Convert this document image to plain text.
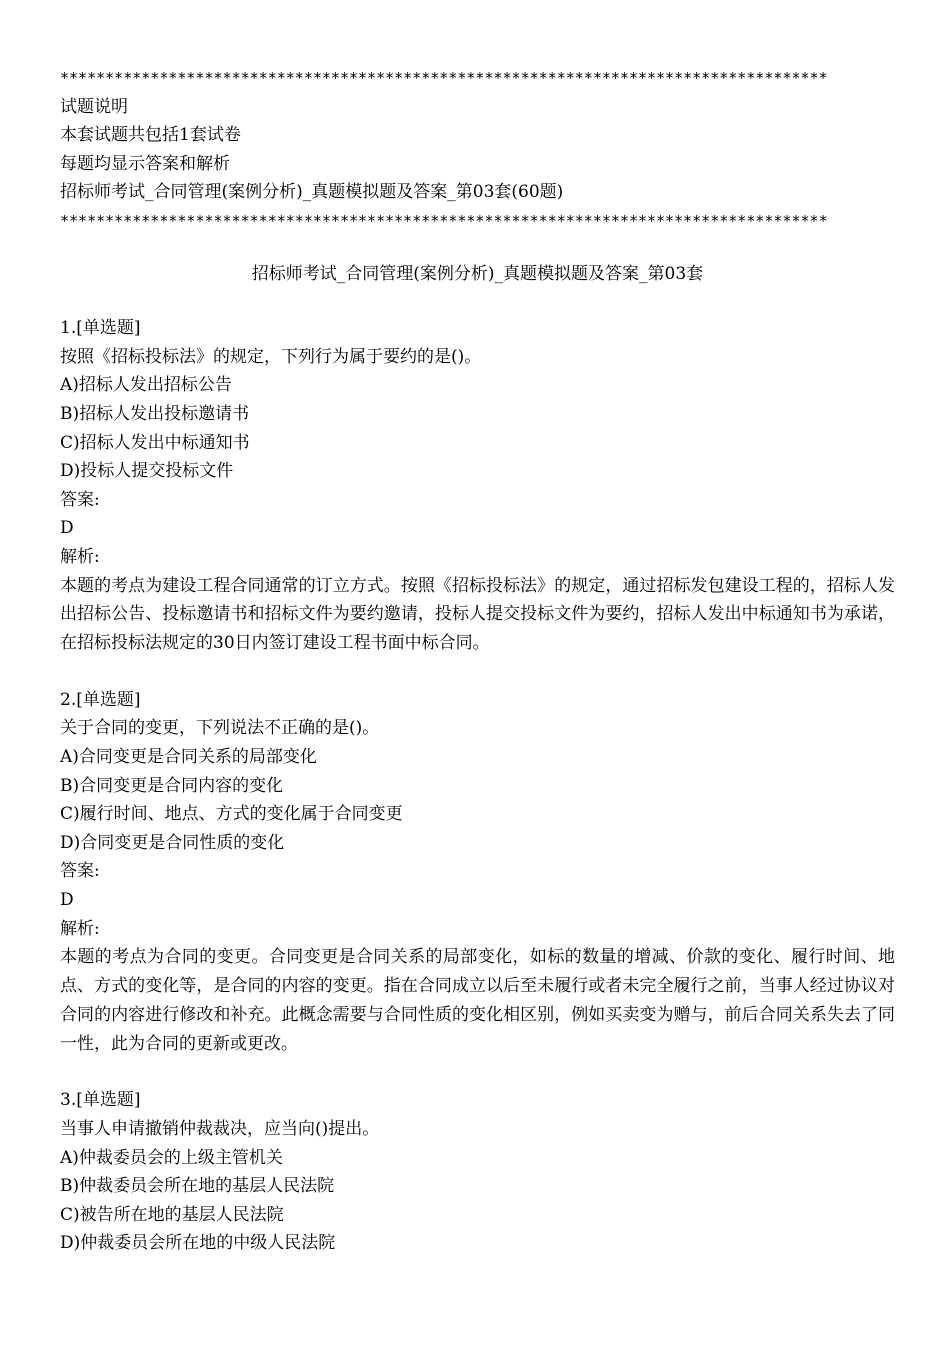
*************************************************************************************
试题说明
本套试题共包括1套试卷
每题均显示答案和解析
招标师考试_合同管理(案例分析)_真题模拟题及答案_第03套(60题)
*************************************************************************************
招标师考试_合同管理(案例分析)_真题模拟题及答案_第03套
1.[单选题]
按照《招标投标法》的规定，下列行为属于要约的是()。
A)招标人发出招标公告
B)招标人发出投标邀请书
C)招标人发出中标通知书
D)投标人提交投标文件
答案:
D
解析:
本题的考点为建设工程合同通常的订立方式。按照《招标投标法》的规定，通过招标发包建设工程的，招标人发出招标公告、投标邀请书和招标文件为要约邀请，投标人提交投标文件为要约，招标人发出中标通知书为承诺，在招标投标法规定的30日内签订建设工程书面中标合同。
2.[单选题]
关于合同的变更，下列说法不正确的是()。
A)合同变更是合同关系的局部变化
B)合同变更是合同内容的变化
C)履行时间、地点、方式的变化属于合同变更
D)合同变更是合同性质的变化
答案:
D
解析:
本题的考点为合同的变更。合同变更是合同关系的局部变化，如标的数量的增减、价款的变化、履行时间、地点、方式的变化等，是合同的内容的变更。指在合同成立以后至未履行或者未完全履行之前，当事人经过协议对合同的内容进行修改和补充。此概念需要与合同性质的变化相区别，例如买卖变为赠与，前后合同关系失去了同一性，此为合同的更新或更改。
3.[单选题]
当事人申请撤销仲裁裁决，应当向()提出。
A)仲裁委员会的上级主管机关
B)仲裁委员会所在地的基层人民法院
C)被告所在地的基层人民法院
D)仲裁委员会所在地的中级人民法院
